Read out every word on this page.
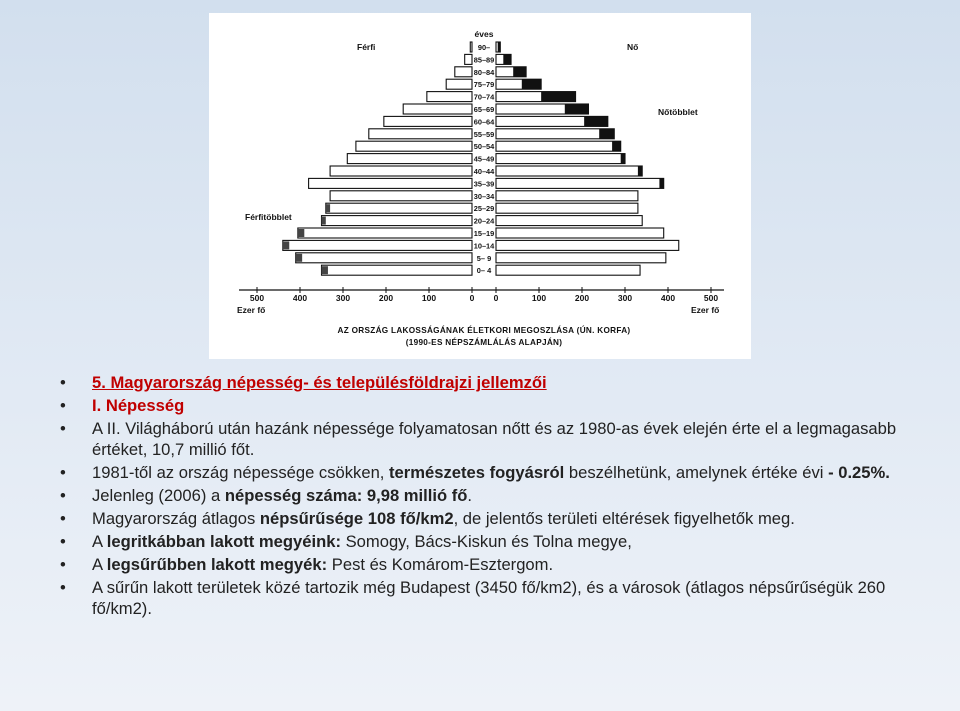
éves
Férfi	Nő
Nőtöbblet
Férfitöbblet
90–
85–89
80–84
75–79
70–74
65–69
60–64
55–59
50–54
45–49
40–44
35–39
30–34
25–29
20–24
15–19
10–14
5– 9
0– 4
500	400	300	200	100	0 0	100	200	300	400	500
Ezer fő	Ezer fő
AZ ORSZÁG LAKOSSÁGÁNAK ÉLETKORI MEGOSZLÁSA (ÚN. KORFA)
(1990-ES NÉPSZÁMLÁLÁS ALAPJÁN)
•	5. Magyarország népesség- és településföldrajzi jellemzői
•	I. Népesség
•	A II. Világháború után hazánk népessége folyamatosan nőtt és az 1980-as évek elején érte el a legmagasabb értéket, 10,7 millió főt.
•	1981-től az ország népessége csökken, természetes fogyásról beszélhetünk, amelynek értéke évi - 0.25%.
•	Jelenleg (2006) a népesség száma: 9,98 millió fő.
•	Magyarország átlagos népsűrűsége 108 fő/km2, de jelentős területi eltérések figyelhetők meg.
•	A legritkábban lakott megyéink: Somogy, Bács-Kiskun és Tolna megye,
•	A legsűrűbben lakott megyék: Pest és Komárom-Esztergom.
•	A sűrűn lakott területek közé tartozik még Budapest (3450 fő/km2), és a városok (átlagos népsűrűségük 260 fő/km2).
